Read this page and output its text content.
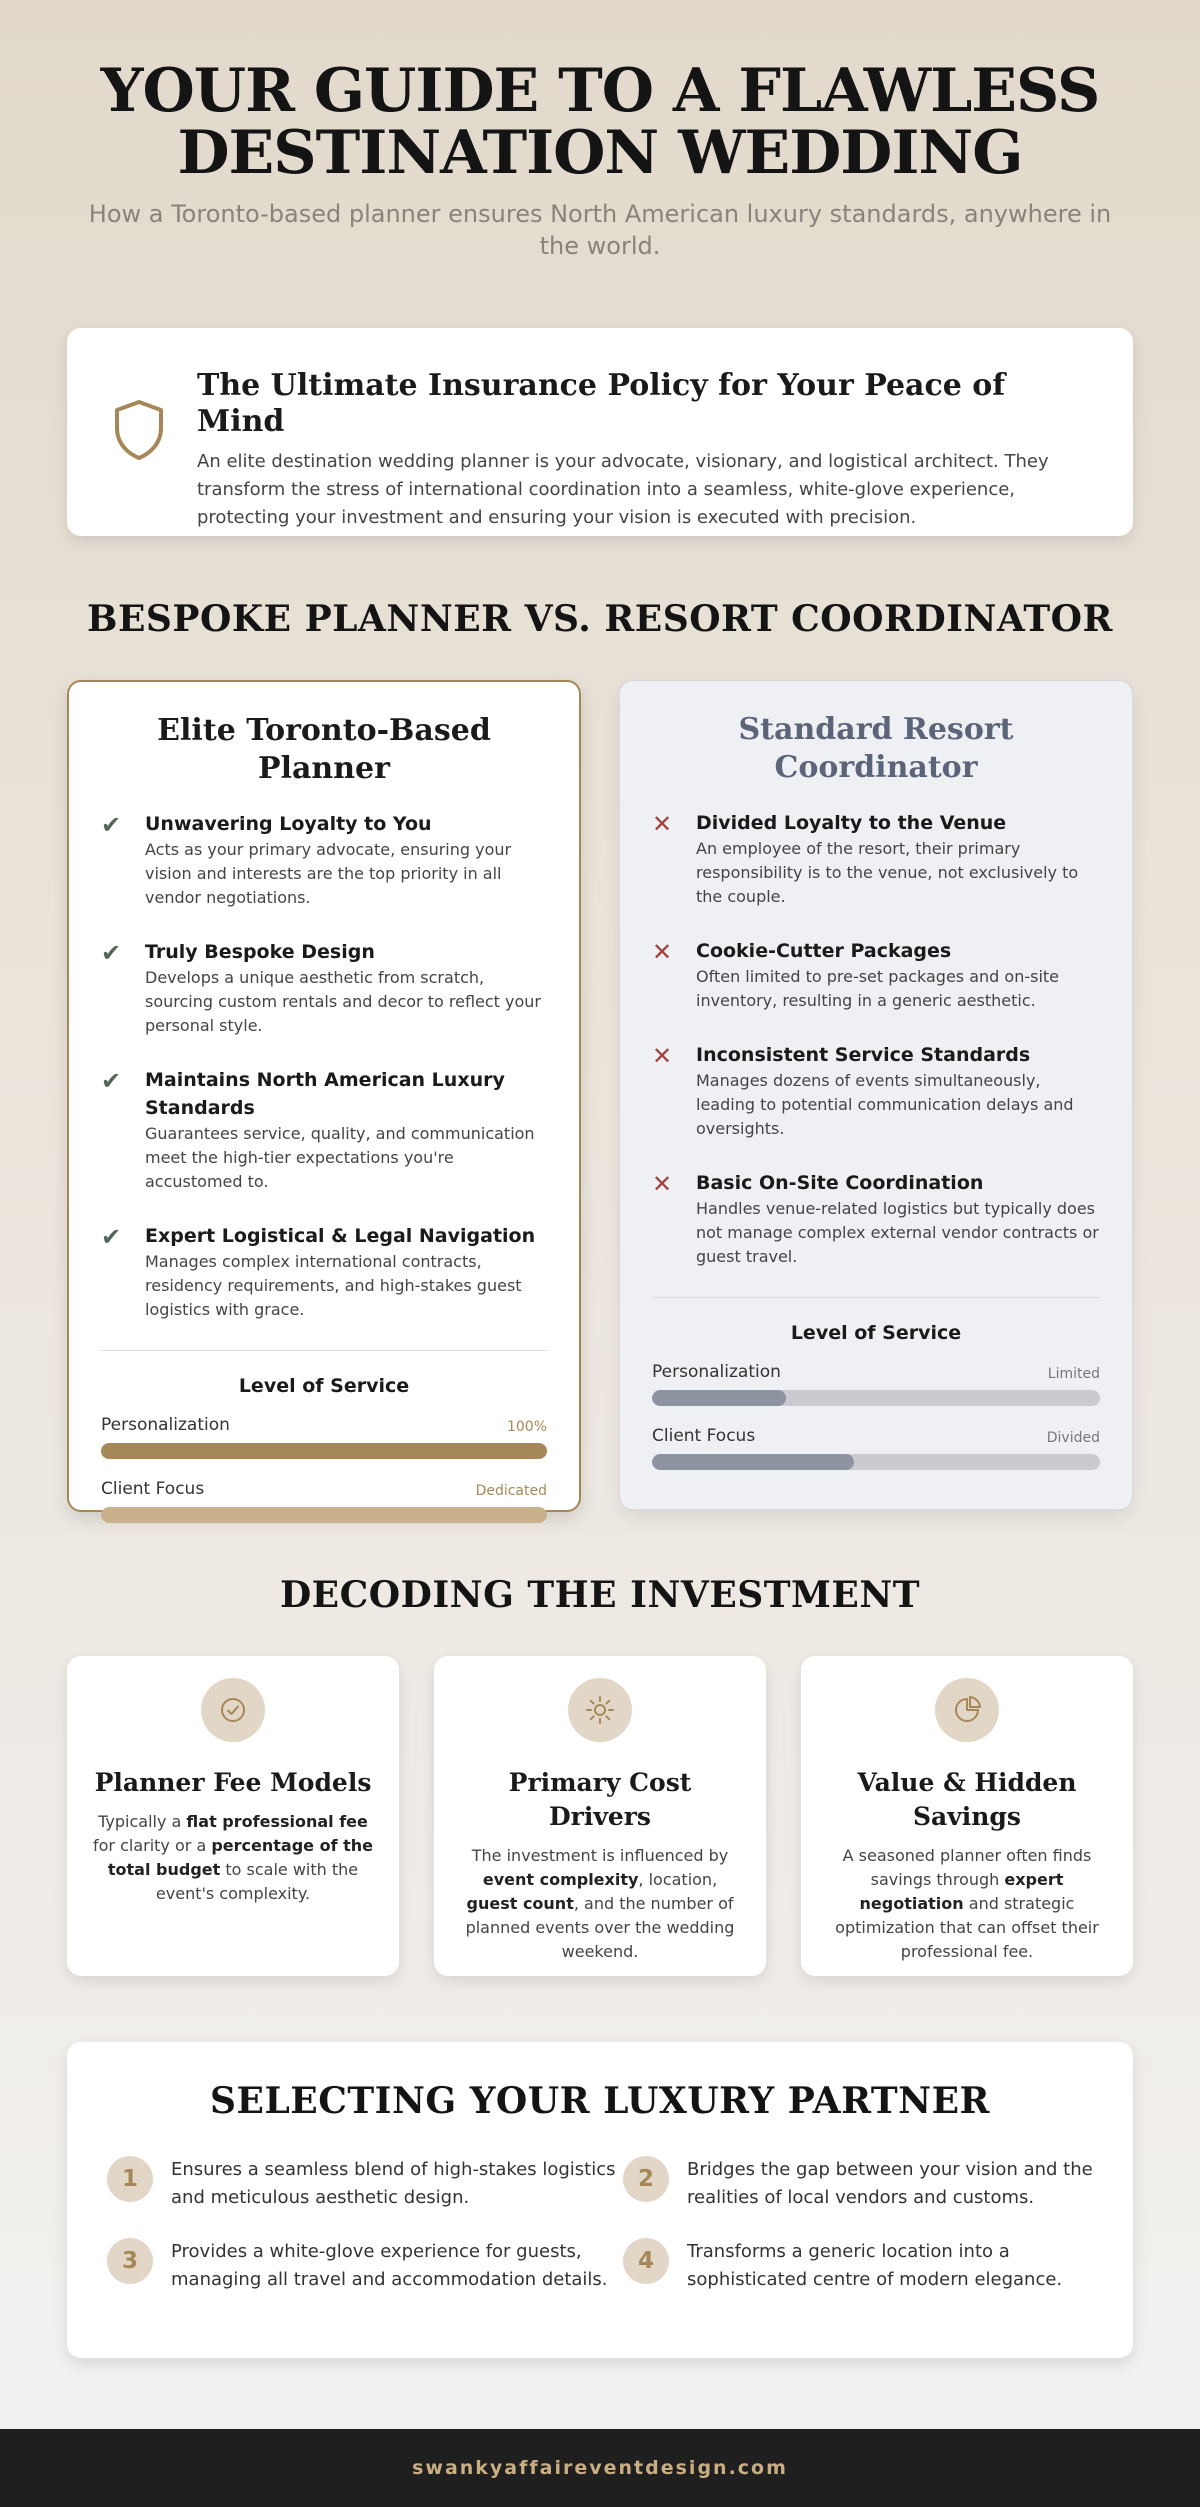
YOUR GUIDE TO A FLAWLESS DESTINATION WEDDING

How a Toronto-based planner ensures North American luxury standards, anywhere in the world.

The Ultimate Insurance Policy for Your Peace of Mind

An elite destination wedding planner is your advocate, visionary, and logistical architect. They transform the stress of international coordination into a seamless, white-glove experience, protecting your investment and ensuring your vision is executed with precision.

BESPOKE PLANNER VS. RESORT COORDINATOR
Elite Toronto-Based Planner
✔	Unwavering Loyalty to You
Acts as your primary advocate, ensuring your vision and interests are the top priority in all vendor negotiations.
✔	Truly Bespoke Design
Develops a unique aesthetic from scratch, sourcing custom rentals and decor to reflect your personal style.
✔	Maintains North American Luxury Standards
Guarantees service, quality, and communication meet the high-tier expectations you're accustomed to.
✔	Expert Logistical & Legal Navigation
Manages complex international contracts, residency requirements, and high-stakes guest logistics with grace.
Level of Service
Personalization	100%
Client Focus	Dedicated
Standard Resort Coordinator
✕	Divided Loyalty to the Venue
An employee of the resort, their primary responsibility is to the venue, not exclusively to the couple.
✕	Cookie-Cutter Packages
Often limited to pre-set packages and on-site inventory, resulting in a generic aesthetic.
✕	Inconsistent Service Standards
Manages dozens of events simultaneously, leading to potential communication delays and oversights.
✕	Basic On-Site Coordination
Handles venue-related logistics but typically does not manage complex external vendor contracts or guest travel.
Level of Service
Personalization	Limited
Client Focus	Divided
DECODING THE INVESTMENT
Planner Fee Models

Typically a flat professional fee for clarity or a percentage of the total budget to scale with the event's complexity.

Primary Cost Drivers

The investment is influenced by event complexity, location, guest count, and the number of planned events over the wedding weekend.

Value & Hidden Savings

A seasoned planner often finds savings through expert negotiation and strategic optimization that can offset their professional fee.

SELECTING YOUR LUXURY PARTNER
1	Ensures a seamless blend of high-stakes logistics and meticulous aesthetic design.
2	Bridges the gap between your vision and the realities of local vendors and customs.
3	Provides a white-glove experience for guests, managing all travel and accommodation details.
4	Transforms a generic location into a sophisticated centre of modern elegance.
swankyaffaireventdesign.com
